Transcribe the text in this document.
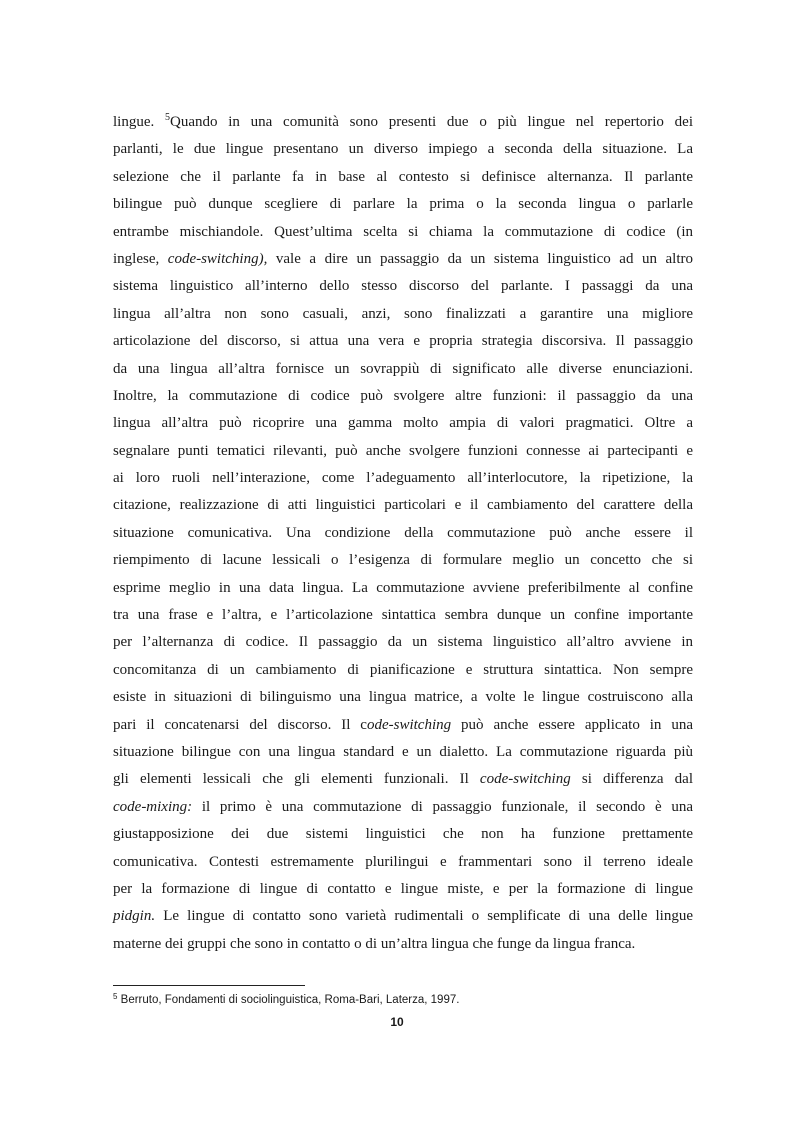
lingue. $^5$Quando in una comunità sono presenti due o più lingue nel repertorio dei
parlanti, le due lingue presentano un diverso impiego a seconda della situazione. La
selezione che il parlante fa in base al contesto si definisce alternanza. Il parlante
bilingue può dunque scegliere di parlare la prima o la seconda lingua o parlarle
entrambe mischiandole. Quest’ultima scelta si chiama la commutazione di codice (in
inglese, code-switching), vale a dire un passaggio da un sistema linguistico ad un altro
sistema linguistico all’interno dello stesso discorso del parlante. I passaggi da una
lingua all’altra non sono casuali, anzi, sono finalizzati a garantire una migliore
articolazione del discorso, si attua una vera e propria strategia discorsiva. Il passaggio
da una lingua all’altra fornisce un sovrappiù di significato alle diverse enunciazioni.
Inoltre, la commutazione di codice può svolgere altre funzioni: il passaggio da una
lingua all’altra può ricoprire una gamma molto ampia di valori pragmatici. Oltre a
segnalare punti tematici rilevanti, può anche svolgere funzioni connesse ai partecipanti e
ai loro ruoli nell’interazione, come l’adeguamento all’interlocutore, la ripetizione, la
citazione, realizzazione di atti linguistici particolari e il cambiamento del carattere della
situazione comunicativa. Una condizione della commutazione può anche essere il
riempimento di lacune lessicali o l’esigenza di formulare meglio un concetto che si
esprime meglio in una data lingua. La commutazione avviene preferibilmente al confine
tra una frase e l’altra, e l’articolazione sintattica sembra dunque un confine importante
per l’alternanza di codice. Il passaggio da un sistema linguistico all’altro avviene in
concomitanza di un cambiamento di pianificazione e struttura sintattica. Non sempre
esiste in situazioni di bilinguismo una lingua matrice, a volte le lingue costruiscono alla
pari il concatenarsi del discorso. Il code-switching può anche essere applicato in una
situazione bilingue con una lingua standard e un dialetto. La commutazione riguarda più
gli elementi lessicali che gli elementi funzionali. Il code-switching si differenza dal
code-mixing: il primo è una commutazione di passaggio funzionale, il secondo è una
giustapposizione dei due sistemi linguistici che non ha funzione prettamente
comunicativa. Contesti estremamente plurilingui e frammentari sono il terreno ideale
per la formazione di lingue di contatto e lingue miste, e per la formazione di lingue
pidgin. Le lingue di contatto sono varietà rudimentali o semplificate di una delle lingue
materne dei gruppi che sono in contatto o di un’altra lingua che funge da lingua franca.
$^5$ Berruto, Fondamenti di sociolinguistica, Roma-Bari, Laterza, 1997.
10
